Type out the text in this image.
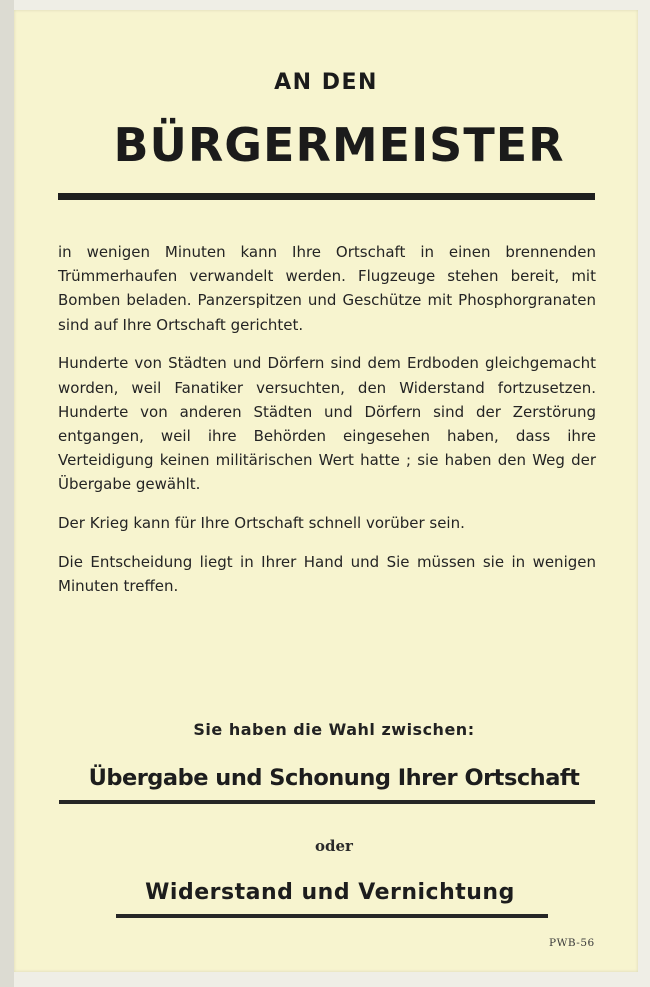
AN DEN
BÜRGERMEISTER

in wenigen Minuten kann Ihre Ortschaft in einen brennenden Trümmerhaufen verwandelt werden. Flugzeuge stehen bereit, mit Bomben beladen. Panzerspitzen und Geschütze mit Phosphorgranaten sind auf Ihre Ortschaft gerichtet.

Hunderte von Städten und Dörfern sind dem Erdboden gleichgemacht worden, weil Fanatiker versuchten, den Widerstand fortzusetzen. Hunderte von anderen Städten und Dörfern sind der Zerstörung entgangen, weil ihre Behörden eingesehen haben, dass ihre Verteidigung keinen militärischen Wert hatte ; sie haben den Weg der Übergabe gewählt.

Der Krieg kann für Ihre Ortschaft schnell vorüber sein.

Die Entscheidung liegt in Ihrer Hand und Sie müssen sie in wenigen Minuten treffen.

Sie haben die Wahl zwischen:
Übergabe und Schonung Ihrer Ortschaft
oder
Widerstand und Vernichtung
PWB-56
